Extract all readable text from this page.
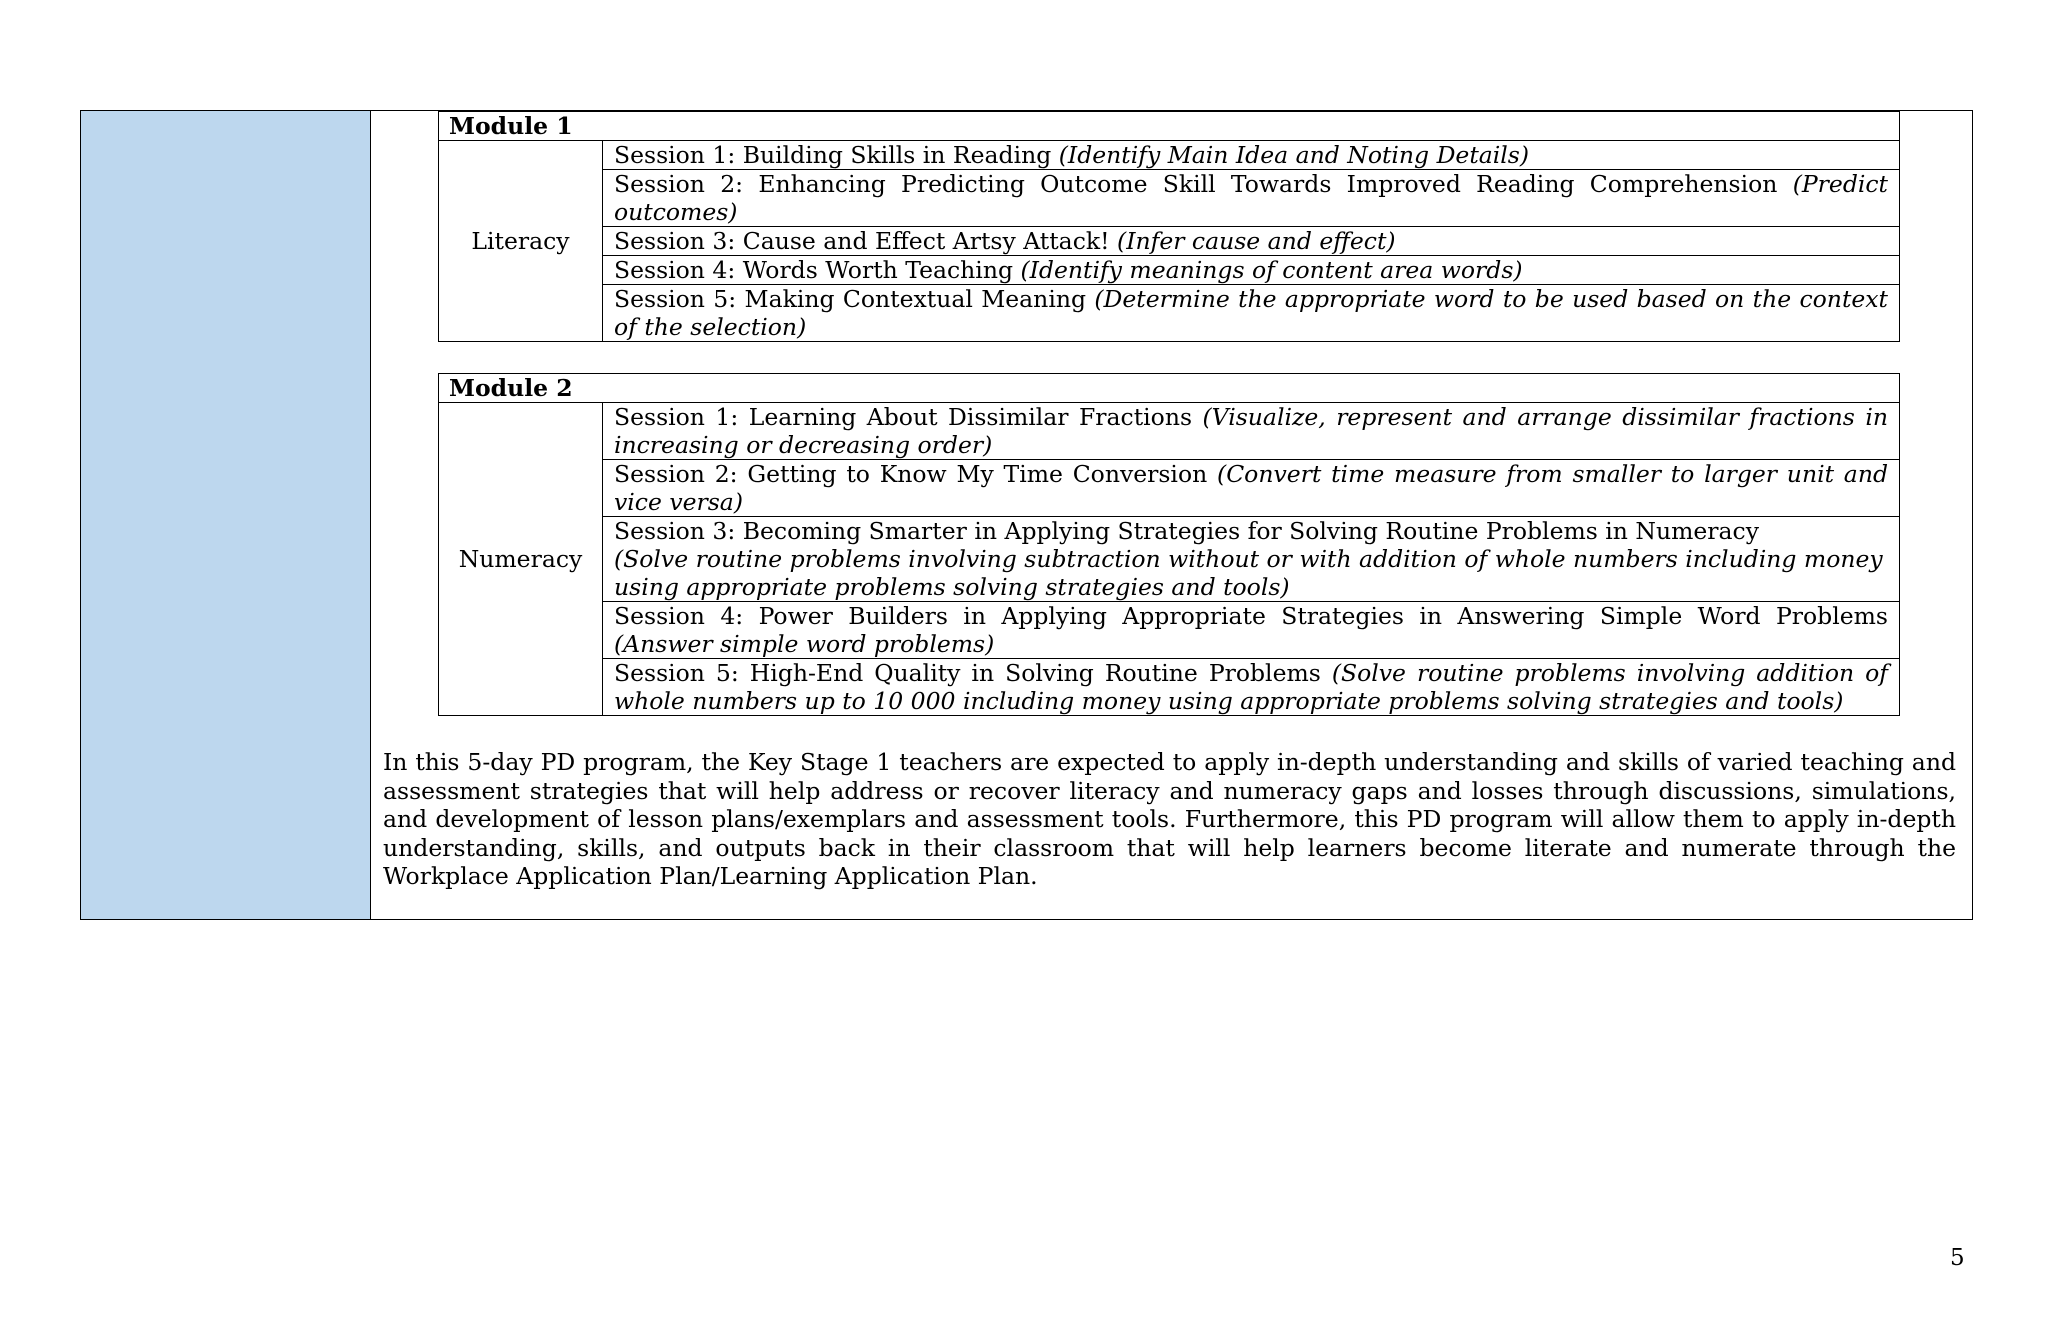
Module 1
Literacy	Session 1: Building Skills in Reading (Identify Main Idea and Noting Details)
Session 2: Enhancing Predicting Outcome Skill Towards Improved Reading Comprehension (Predict outcomes)
Session 3: Cause and Effect Artsy Attack! (Infer cause and effect)
Session 4: Words Worth Teaching (Identify meanings of content area words)
Session 5: Making Contextual Meaning (Determine the appropriate word to be used based on the context of the selection)
Module 2
Numeracy	Session 1: Learning About Dissimilar Fractions (Visualize, represent and arrange dissimilar fractions in increasing or decreasing order)
Session 2: Getting to Know My Time Conversion (Convert time measure from smaller to larger unit and vice versa)
Session 3: Becoming Smarter in Applying Strategies for Solving Routine Problems in Numeracy
(Solve routine problems involving subtraction without or with addition of whole numbers including money using appropriate problems solving strategies and tools)
Session 4: Power Builders in Applying Appropriate Strategies in Answering Simple Word Problems (Answer simple word problems)
Session 5: High-End Quality in Solving Routine Problems (Solve routine problems involving addition of whole numbers up to 10 000 including money using appropriate problems solving strategies and tools)

In this 5-day PD program, the Key Stage 1 teachers are expected to apply in-depth understanding and skills of varied teaching and assessment strategies that will help address or recover literacy and numeracy gaps and losses through discussions, simulations, and development of lesson plans/exemplars and assessment tools. Furthermore, this PD program will allow them to apply in-depth understanding, skills, and outputs back in their classroom that will help learners become literate and numerate through the Workplace Application Plan/Learning Application Plan.

5
